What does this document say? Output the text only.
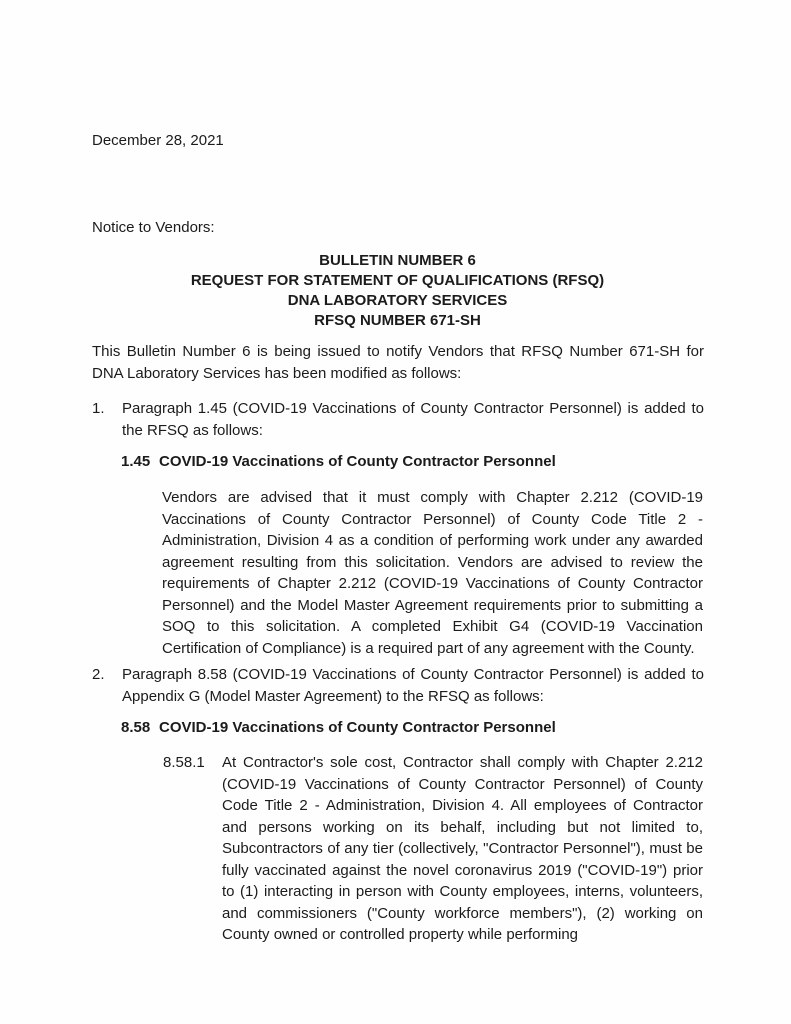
December 28, 2021
Notice to Vendors:
BULLETIN NUMBER 6
REQUEST FOR STATEMENT OF QUALIFICATIONS (RFSQ)
DNA LABORATORY SERVICES
RFSQ NUMBER 671-SH

This Bulletin Number 6 is being issued to notify Vendors that RFSQ Number 671-SH for DNA Laboratory Services has been modified as follows:

1.	Paragraph 1.45 (COVID-19 Vaccinations of County Contractor Personnel) is added to the RFSQ as follows:
1.45 COVID-19 Vaccinations of County Contractor Personnel

Vendors are advised that it must comply with Chapter 2.212 (COVID-19 Vaccinations of County Contractor Personnel) of County Code Title 2 - Administration, Division 4 as a condition of performing work under any awarded agreement resulting from this solicitation. Vendors are advised to review the requirements of Chapter 2.212 (COVID-19 Vaccinations of County Contractor Personnel) and the Model Master Agreement requirements prior to submitting a SOQ to this solicitation. A completed Exhibit G4 (COVID-19 Vaccination Certification of Compliance) is a required part of any agreement with the County.

2.	Paragraph 8.58 (COVID-19 Vaccinations of County Contractor Personnel) is added to Appendix G (Model Master Agreement) to the RFSQ as follows:
8.58 COVID-19 Vaccinations of County Contractor Personnel
8.58.1	At Contractor's sole cost, Contractor shall comply with Chapter 2.212 (COVID-19 Vaccinations of County Contractor Personnel) of County Code Title 2 - Administration, Division 4. All employees of Contractor and persons working on its behalf, including but not limited to, Subcontractors of any tier (collectively, "Contractor Personnel"), must be fully vaccinated against the novel coronavirus 2019 ("COVID-19") prior to (1) interacting in person with County employees, interns, volunteers, and commissioners ("County workforce members"), (2) working on County owned or controlled property while performing
